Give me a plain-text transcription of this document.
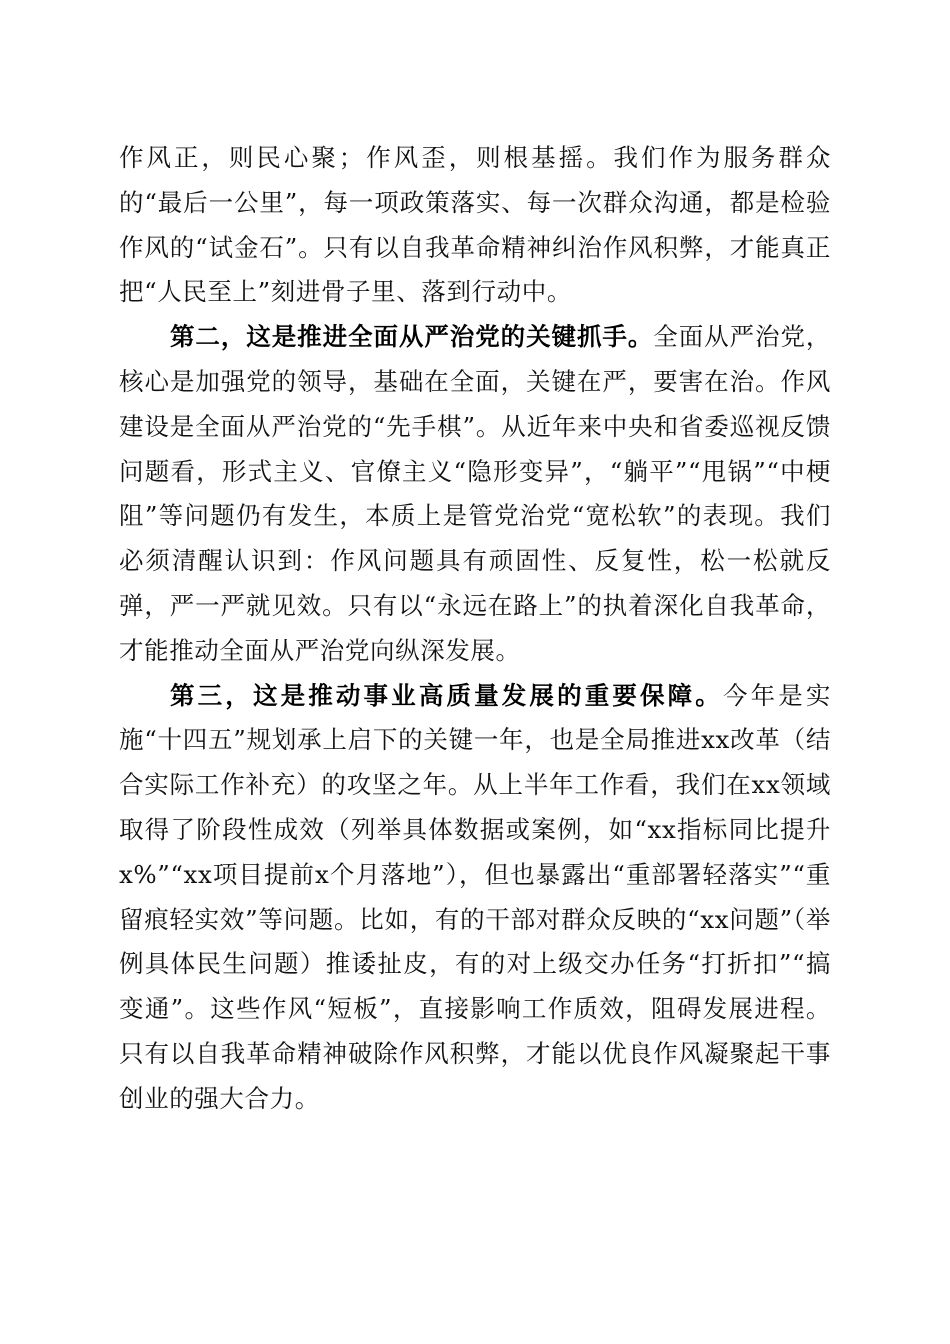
作风正，则民心聚；作风歪，则根基摇。我们作为服务群众的“最后一公里”，每一项政策落实、每一次群众沟通，都是检验作风的“试金石”。只有以自我革命精神纠治作风积弊，才能真正把“人民至上”刻进骨子里、落到行动中。

第二，这是推进全面从严治党的关键抓手。全面从严治党，核心是加强党的领导，基础在全面，关键在严，要害在治。作风建设是全面从严治党的“先手棋”。从近年来中央和省委巡视反馈问题看，形式主义、官僚主义“隐形变异”，“躺平”“甩锅”“中梗阻”等问题仍有发生，本质上是管党治党“宽松软”的表现。我们必须清醒认识到：作风问题具有顽固性、反复性，松一松就反弹，严一严就见效。只有以“永远在路上”的执着深化自我革命，才能推动全面从严治党向纵深发展。

第三，这是推动事业高质量发展的重要保障。今年是实施“十四五”规划承上启下的关键一年，也是全局推进xx改革（结合实际工作补充）的攻坚之年。从上半年工作看，我们在xx领域取得了阶段性成效（列举具体数据或案例，如“xx指标同比提升x%”“xx项目提前x个月落地”），但也暴露出“重部署轻落实”“重留痕轻实效”等问题。比如，有的干部对群众反映的“xx问题”（举例具体民生问题）推诿扯皮，有的对上级交办任务“打折扣”“搞变通”。这些作风“短板”，直接影响工作质效，阻碍发展进程。只有以自我革命精神破除作风积弊，才能以优良作风凝聚起干事创业的强大合力。
